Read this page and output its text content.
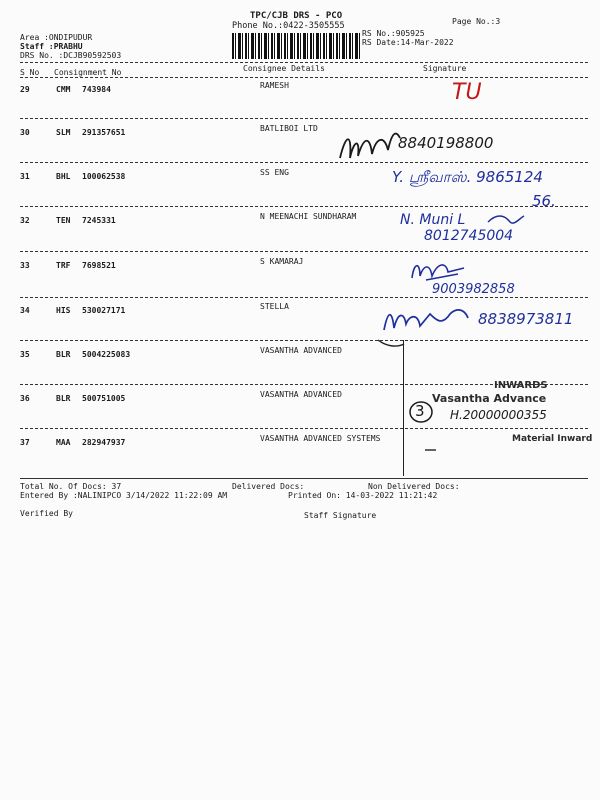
TPC/CJB DRS - PCO
Phone No.:0422-3505555	Page No.:3
RS No.:905925
RS Date:14-Mar-2022
Area :ONDIPUDUR
Staff :PRABHU
DRS No. :DCJB90592503
S No Consignment No	Consignee Details	Signature
29	CMM 743984	RAMESH
30	SLM 291357651	BATLIBOI LTD
31	BHL 100062538	SS ENG
32	TEN 7245331	N MEENACHI SUNDHARAM
33	TRF 7698521	S KAMARAJ
34	HIS 530027171	STELLA
35	BLR 5004225083	VASANTHA ADVANCED
36	BLR 500751005	VASANTHA ADVANCED
37	MAA 282947937	VASANTHA ADVANCED SYSTEMS
TU
8840198800
Y. ஸ்ரீவாஸ். 9865124
56.
N. Muni L
8012745004
9003982858
8838973811
INWARDS
Vasantha Advance
Material Inward
3 H.20000000355
Total No. Of Docs: 37	Delivered Docs:	Non Delivered Docs:
Entered By :NALINIPCO 3/14/2022 11:22:09 AM	Printed On: 14-03-2022 11:21:42
Verified By	Staff Signature
